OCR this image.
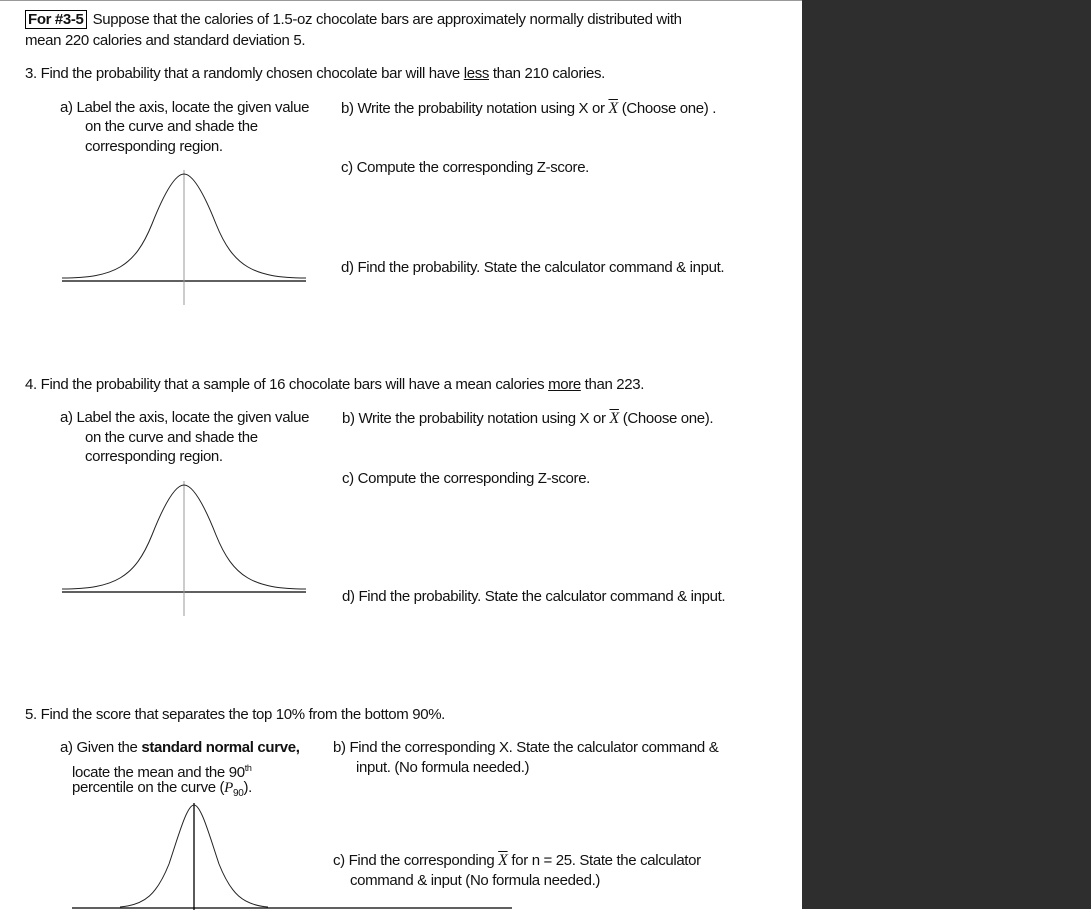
For #3-5 Suppose that the calories of 1.5-oz chocolate bars are approximately normally distributed with
mean 220 calories and standard deviation 5.
3. Find the probability that a randomly chosen chocolate bar will have less than 210 calories.
a) Label the axis, locate the given value
on the curve and shade the
corresponding region.
b) Write the probability notation using X or $\overline{X}$ (Choose one) .
c) Compute the corresponding Z-score.
d) Find the probability. State the calculator command & input.
4. Find the probability that a sample of 16 chocolate bars will have a mean calories more than 223.
a) Label the axis, locate the given value
on the curve and shade the
corresponding region.
b) Write the probability notation using X or $\overline{X}$ (Choose one).
c) Compute the corresponding Z-score.
d) Find the probability. State the calculator command & input.
5. Find the score that separates the top 10% from the bottom 90%.
a) Given the standard normal curve,
locate the mean and the 90th
percentile on the curve $(P_{90})$.
b) Find the corresponding X. State the calculator command &
input. (No formula needed.)
c) Find the corresponding $\overline{X}$ for n = 25. State the calculator
command & input (No formula needed.)
